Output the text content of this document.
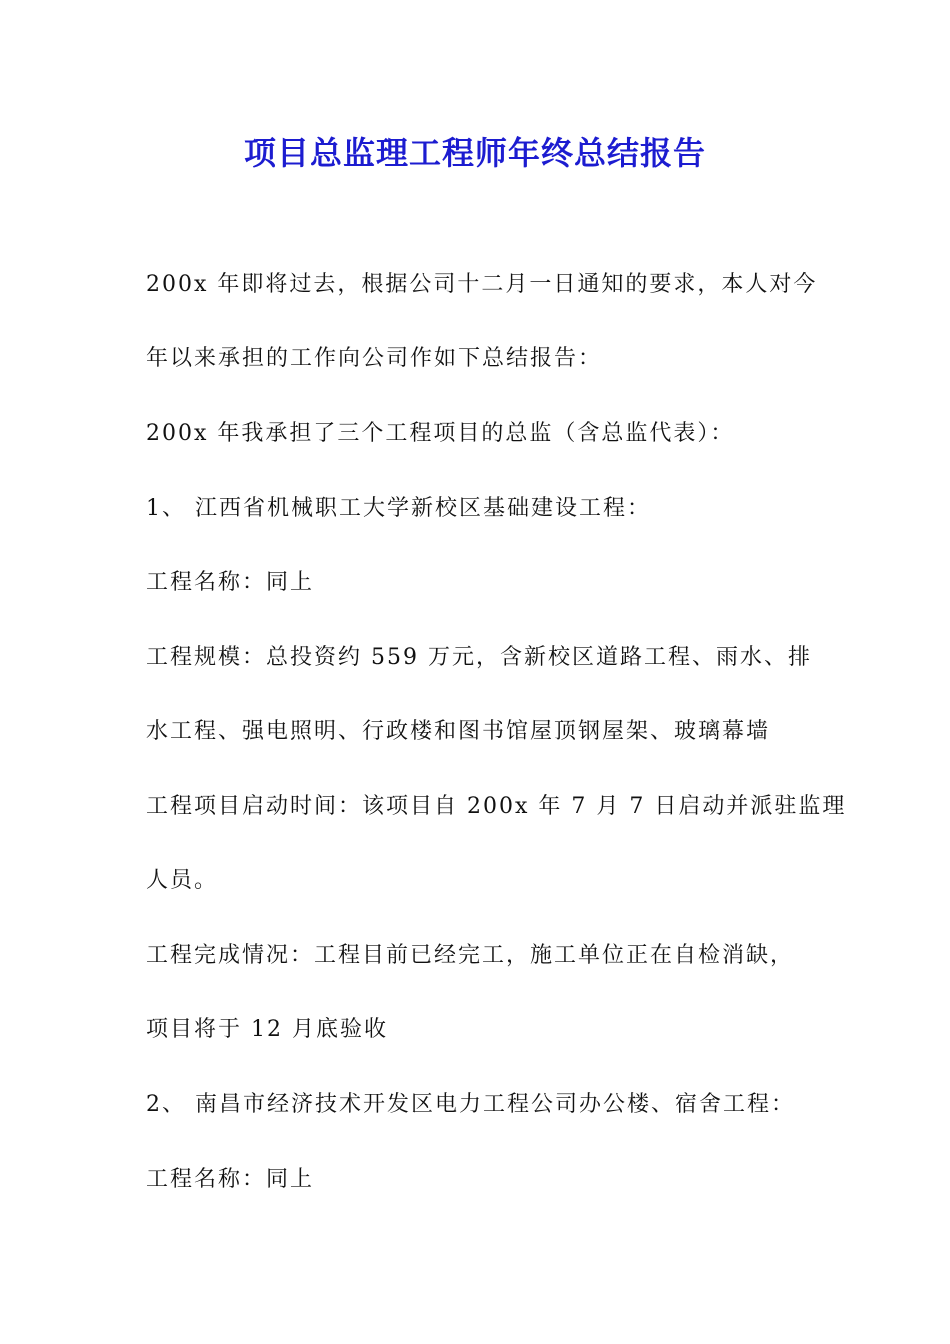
项目总监理工程师年终总结报告

200x 年即将过去，根据公司十二月一日通知的要求，本人对今

年以来承担的工作向公司作如下总结报告：

200x 年我承担了三个工程项目的总监（含总监代表）：

1、 江西省机械职工大学新校区基础建设工程：

工程名称：同上

工程规模：总投资约 559 万元，含新校区道路工程、雨水、排

水工程、强电照明、行政楼和图书馆屋顶钢屋架、玻璃幕墙

工程项目启动时间：该项目自 200x 年 7 月 7 日启动并派驻监理

人员。

工程完成情况：工程目前已经完工，施工单位正在自检消缺，

项目将于 12 月底验收

2、 南昌市经济技术开发区电力工程公司办公楼、宿舍工程：

工程名称：同上
